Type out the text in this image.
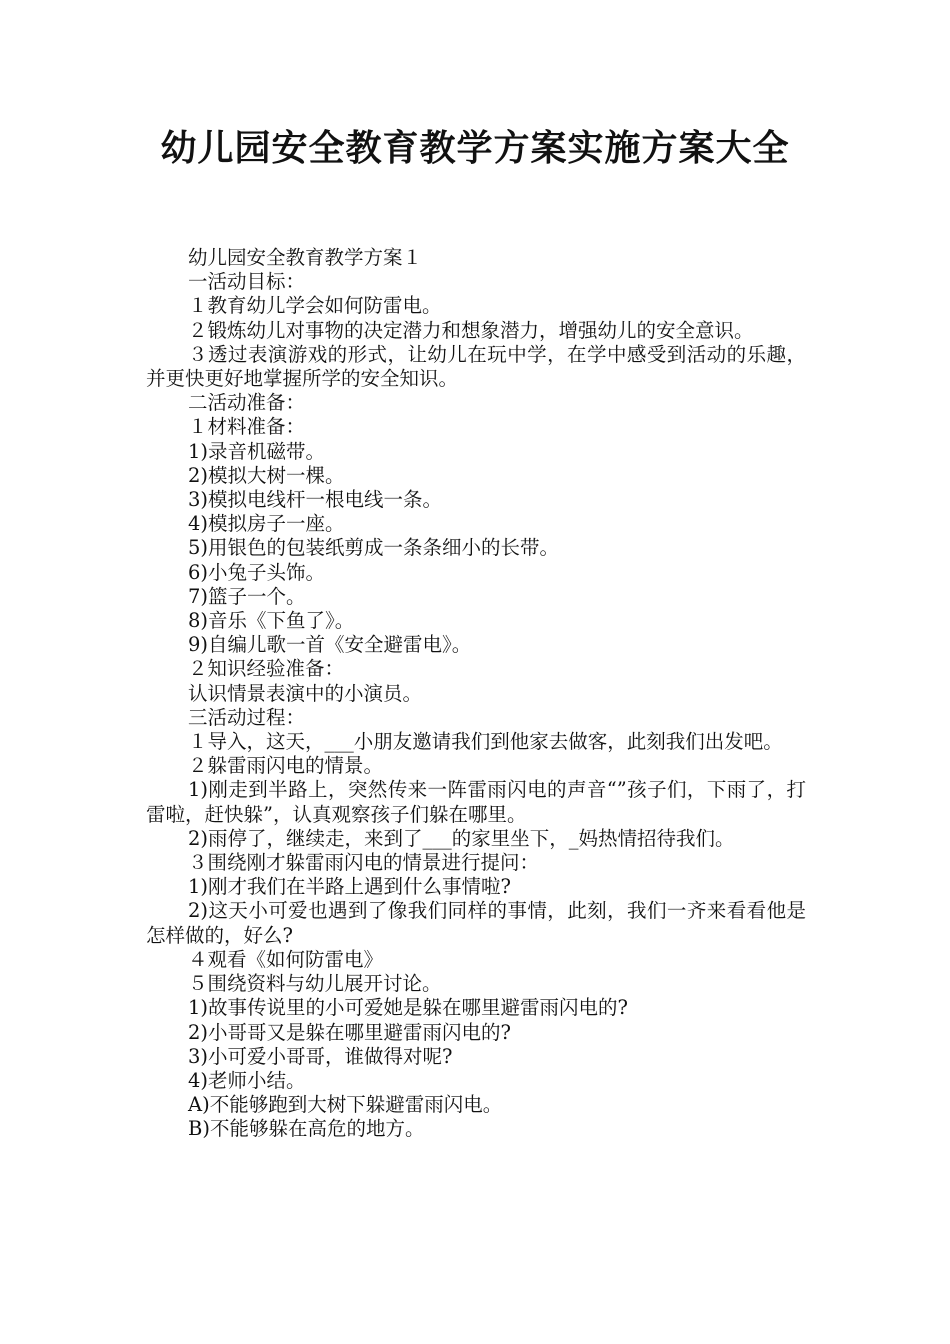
幼儿园安全教育教学方案实施方案大全

幼儿园安全教育教学方案１

一活动目标：

１教育幼儿学会如何防雷电。

２锻炼幼儿对事物的决定潜力和想象潜力，增强幼儿的安全意识。

３透过表演游戏的形式，让幼儿在玩中学，在学中感受到活动的乐趣，并更快更好地掌握所学的安全知识。

二活动准备：

１材料准备：

1)录音机磁带。

2)模拟大树一棵。

3)模拟电线杆一根电线一条。

4)模拟房子一座。

5)用银色的包装纸剪成一条条细小的长带。

6)小兔子头饰。

7)篮子一个。

8)音乐《下鱼了》。

9)自编儿歌一首《安全避雷电》。

２知识经验准备：

认识情景表演中的小演员。

三活动过程：

１导入，这天，___小朋友邀请我们到他家去做客，此刻我们出发吧。

２躲雷雨闪电的情景。

1)刚走到半路上，突然传来一阵雷雨闪电的声音“”孩子们，下雨了，打雷啦，赶快躲”，认真观察孩子们躲在哪里。

2)雨停了，继续走，来到了___的家里坐下，_妈热情招待我们。

３围绕刚才躲雷雨闪电的情景进行提问：

1)刚才我们在半路上遇到什么事情啦?

2)这天小可爱也遇到了像我们同样的事情，此刻，我们一齐来看看他是怎样做的，好么?

４观看《如何防雷电》

５围绕资料与幼儿展开讨论。

1)故事传说里的小可爱她是躲在哪里避雷雨闪电的?

2)小哥哥又是躲在哪里避雷雨闪电的?

3)小可爱小哥哥，谁做得对呢?

4)老师小结。

A)不能够跑到大树下躲避雷雨闪电。

B)不能够躲在高危的地方。
